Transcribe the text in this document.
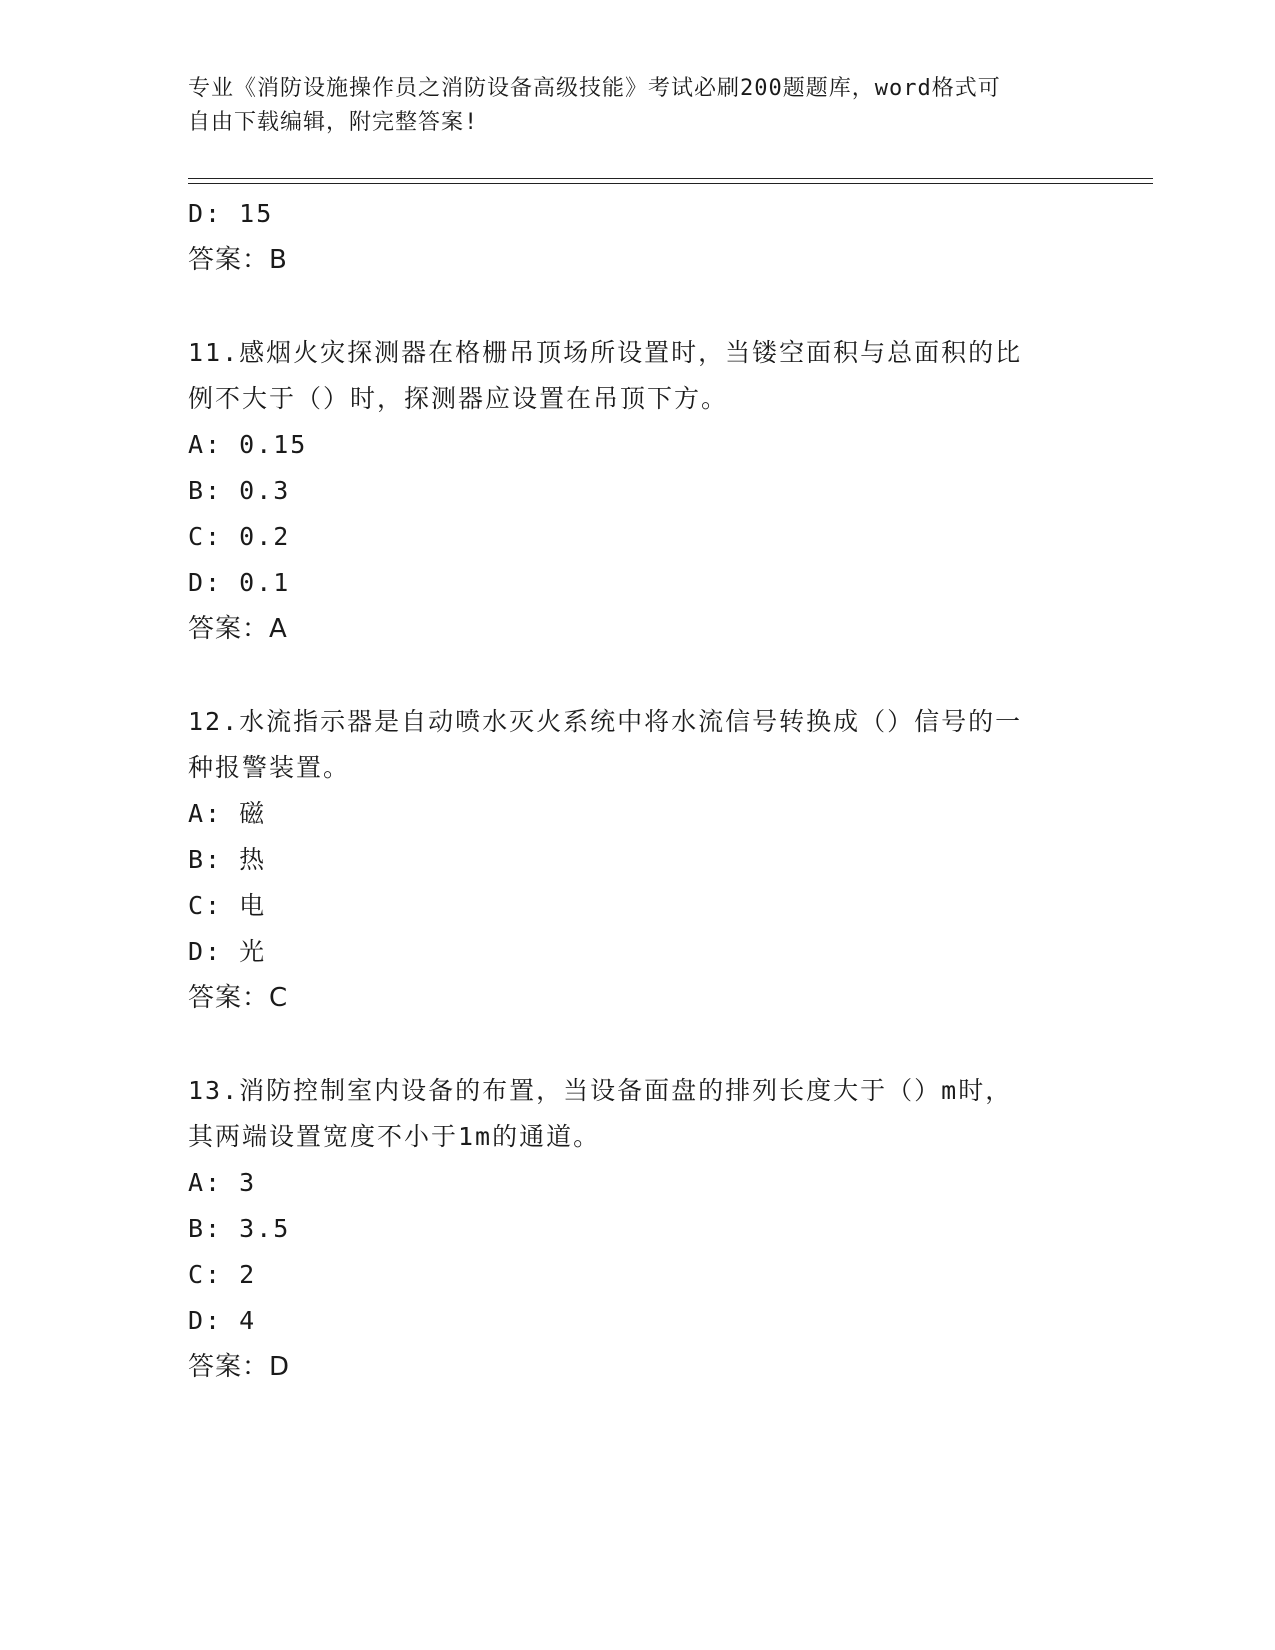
专业《消防设施操作员之消防设备高级技能》考试必刷200题题库，word格式可
自由下载编辑，附完整答案!
D: 15
答案：B
11.感烟火灾探测器在格栅吊顶场所设置时，当镂空面积与总面积的比
例不大于（）时，探测器应设置在吊顶下方。
A: 0.15
B: 0.3
C: 0.2
D: 0.1
答案：A
12.水流指示器是自动喷水灭火系统中将水流信号转换成（）信号的一
种报警装置。
A: 磁
B: 热
C: 电
D: 光
答案：C
13.消防控制室内设备的布置，当设备面盘的排列长度大于（）m时，
其两端设置宽度不小于1m的通道。
A: 3
B: 3.5
C: 2
D: 4
答案：D
